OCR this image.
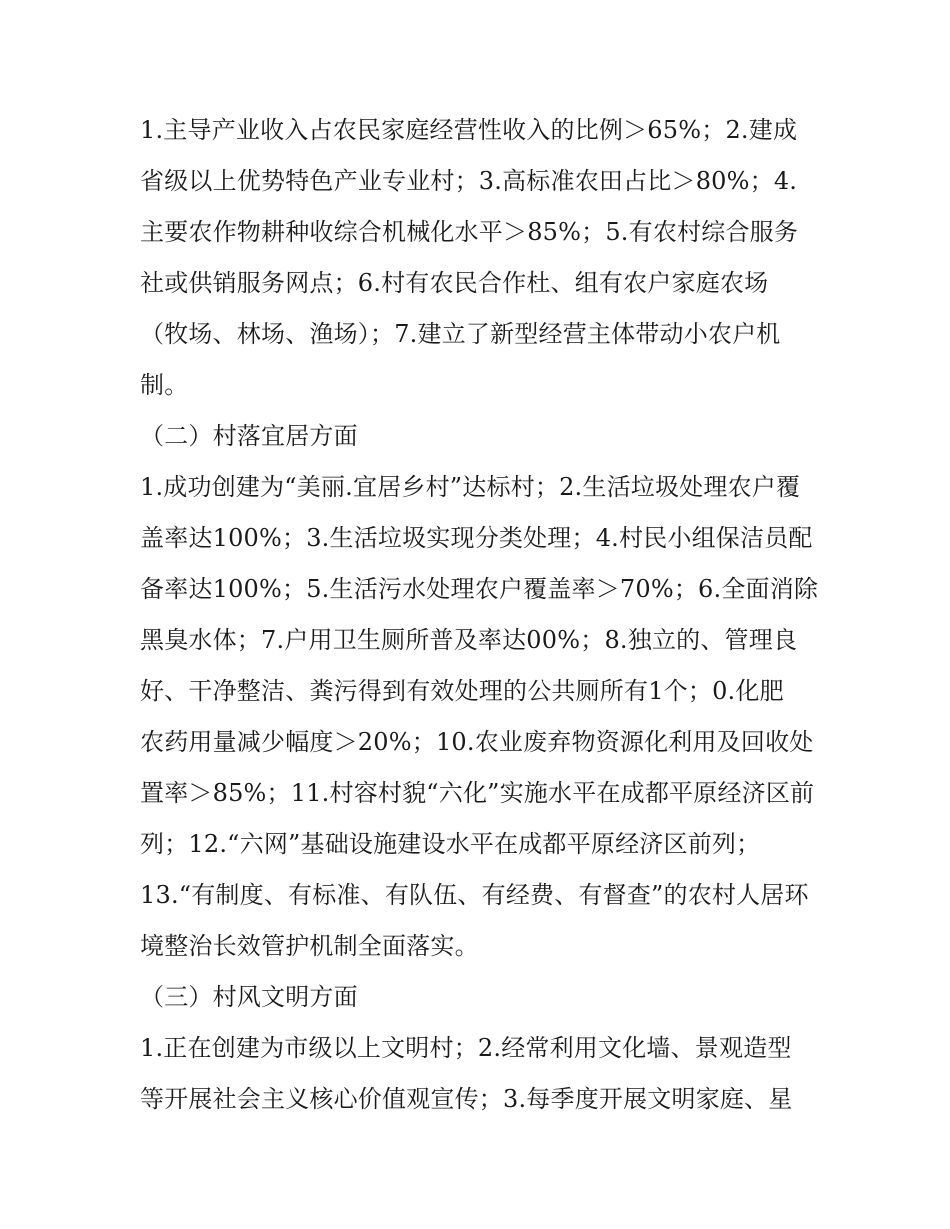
1.主导产业收入占农民家庭经营性收入的比例＞65%；2.建成
省级以上优势特色产业专业村；3.高标准农田占比＞80%；4.
主要农作物耕种收综合机械化水平＞85%；5.有农村综合服务
社或供销服务网点；6.村有农民合作杜、组有农户家庭农场
（牧场、林场、渔场）；7.建立了新型经营主体带动小农户机
制。
（二）村落宜居方面
1.成功创建为“美丽.宜居乡村”达标村；2.生活垃圾处理农户覆
盖率达100%；3.生活垃圾实现分类处理；4.村民小组保洁员配
备率达100%；5.生活污水处理农户覆盖率＞70%；6.全面消除
黑臭水体；7.户用卫生厕所普及率达00%；8.独立的、管理良
好、干净整洁、粪污得到有效处理的公共厕所有1个；0.化肥
农药用量减少幅度＞20%；10.农业废弃物资源化利用及回收处
置率＞85%；11.村容村貌“六化”实施水平在成都平原经济区前
列；12.“六网”基础设施建设水平在成都平原经济区前列；
13.“有制度、有标准、有队伍、有经费、有督查”的农村人居环
境整治长效管护机制全面落实。
（三）村风文明方面
1.正在创建为市级以上文明村；2.经常利用文化墙、景观造型
等开展社会主义核心价值观宣传；3.每季度开展文明家庭、星
